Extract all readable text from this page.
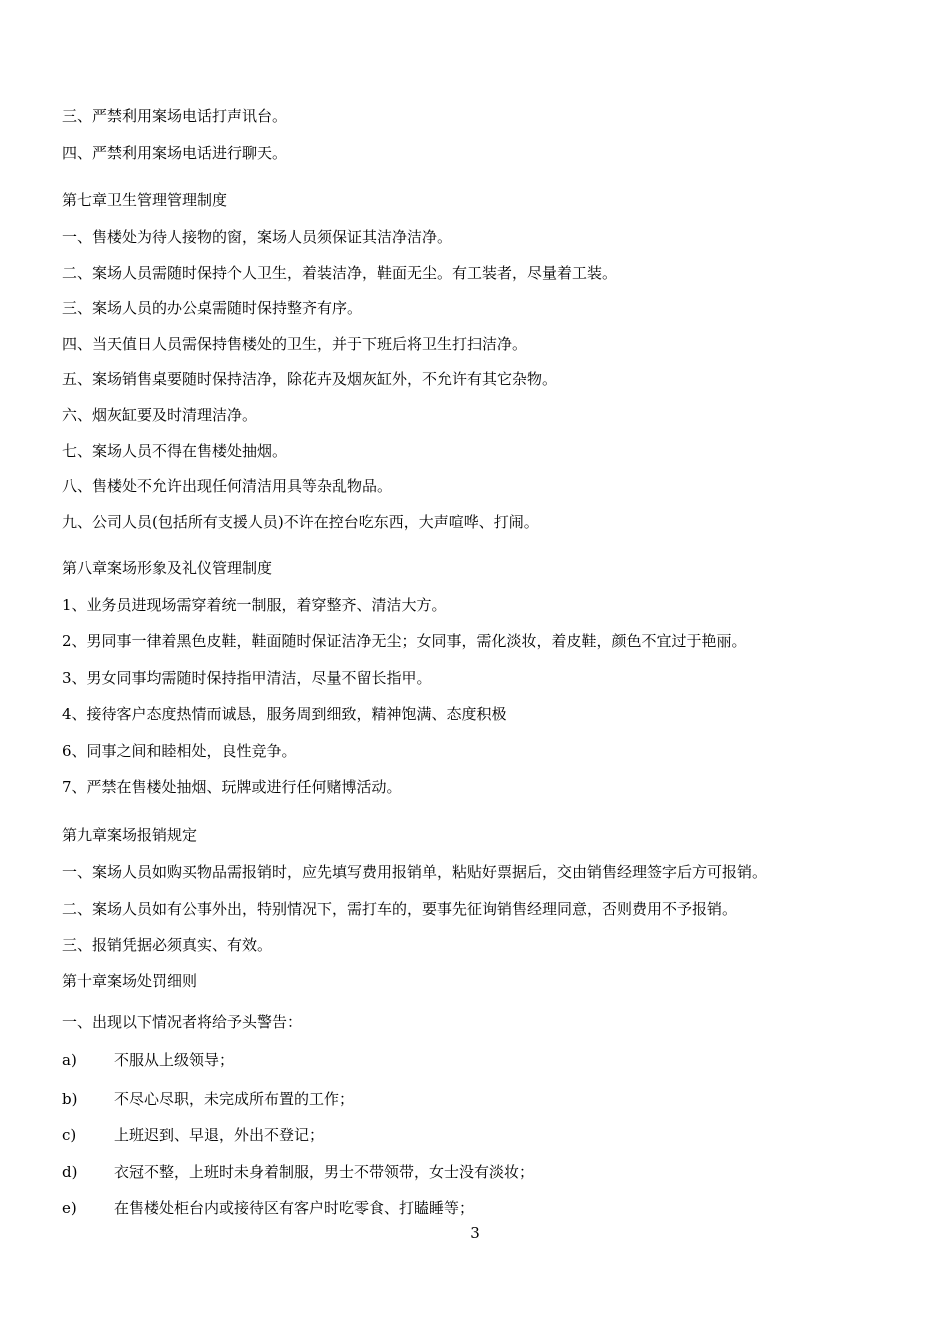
三、严禁利用案场电话打声讯台。
四、严禁利用案场电话进行聊天。
第七章卫生管理管理制度
一、售楼处为待人接物的窗，案场人员须保证其洁净洁净。
二、案场人员需随时保持个人卫生，着装洁净，鞋面无尘。有工装者，尽量着工装。
三、案场人员的办公桌需随时保持整齐有序。
四、当天值日人员需保持售楼处的卫生，并于下班后将卫生打扫洁净。
五、案场销售桌要随时保持洁净，除花卉及烟灰缸外，不允许有其它杂物。
六、烟灰缸要及时清理洁净。
七、案场人员不得在售楼处抽烟。
八、售楼处不允许出现任何清洁用具等杂乱物品。
九、公司人员(包括所有支援人员)不许在控台吃东西，大声喧哗、打闹。
第八章案场形象及礼仪管理制度
1、业务员进现场需穿着统一制服，着穿整齐、清洁大方。
2、男同事一律着黑色皮鞋，鞋面随时保证洁净无尘；女同事，需化淡妆，着皮鞋，颜色不宜过于艳丽。
3、男女同事均需随时保持指甲清洁，尽量不留长指甲。
4、接待客户态度热情而诚恳，服务周到细致，精神饱满、态度积极
6、同事之间和睦相处，良性竞争。
7、严禁在售楼处抽烟、玩牌或进行任何赌博活动。
第九章案场报销规定
一、案场人员如购买物品需报销时，应先填写费用报销单，粘贴好票据后，交由销售经理签字后方可报销。
二、案场人员如有公事外出，特别情况下，需打车的，要事先征询销售经理同意，否则费用不予报销。
三、报销凭据必须真实、有效。
第十章案场处罚细则
一、出现以下情况者将给予头警告：
a) 不服从上级领导；
b) 不尽心尽职，未完成所布置的工作；
c)	上班迟到、早退，外出不登记；
d) 衣冠不整，上班时未身着制服，男士不带领带，女士没有淡妆；
e) 在售楼处柜台内或接待区有客户时吃零食、打瞌睡等；
3
